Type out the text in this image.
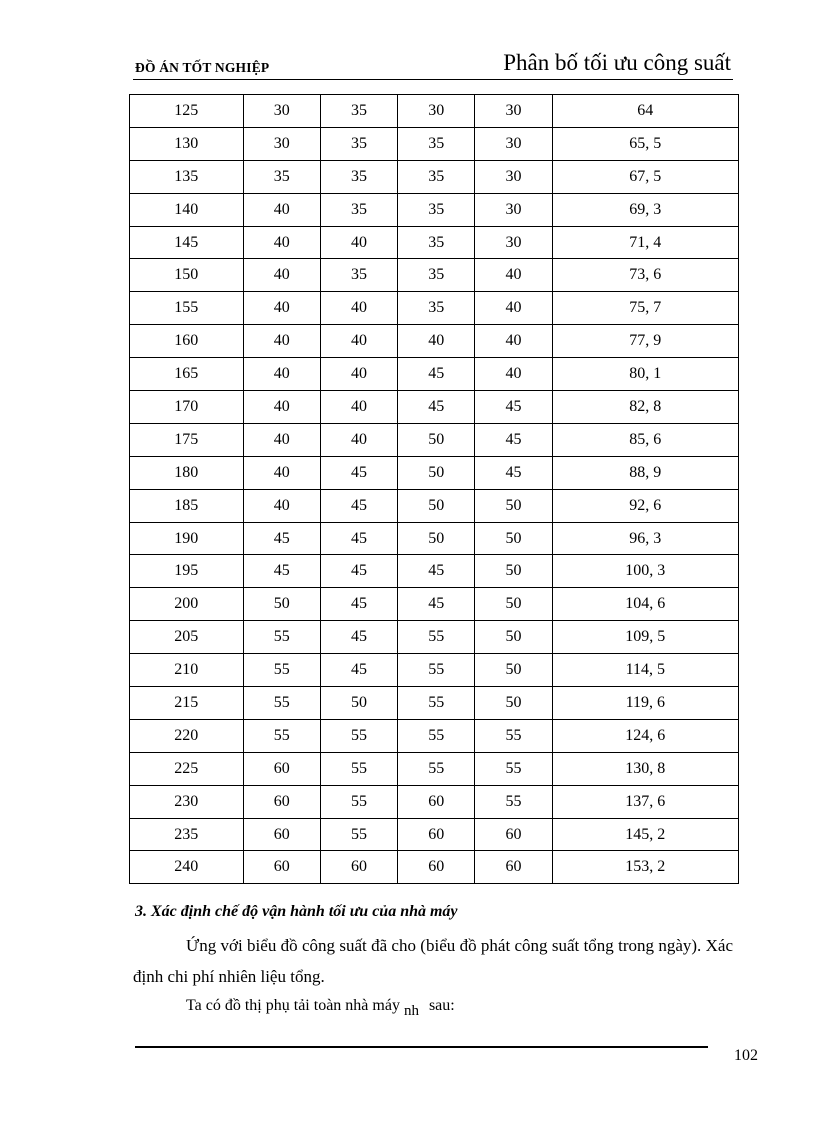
ĐỒ ÁN TỐT NGHIỆP	Phân bố tối ưu công suất
125	30	35	30	30	64
130	30	35	35	30	65, 5
135	35	35	35	30	67, 5
140	40	35	35	30	69, 3
145	40	40	35	30	71, 4
150	40	35	35	40	73, 6
155	40	40	35	40	75, 7
160	40	40	40	40	77, 9
165	40	40	45	40	80, 1
170	40	40	45	45	82, 8
175	40	40	50	45	85, 6
180	40	45	50	45	88, 9
185	40	45	50	50	92, 6
190	45	45	50	50	96, 3
195	45	45	45	50	100, 3
200	50	45	45	50	104, 6
205	55	45	55	50	109, 5
210	55	45	55	50	114, 5
215	55	50	55	50	119, 6
220	55	55	55	55	124, 6
225	60	55	55	55	130, 8
230	60	55	60	55	137, 6
235	60	55	60	60	145, 2
240	60	60	60	60	153, 2
3. Xác định chế độ vận hành tối ưu của nhà máy
Ứng với biểu đồ công suất đã cho (biểu đồ phát công suất tổng trong ngày). Xác định chi phí nhiên liệu tổng.
Ta có đồ thị phụ tải toàn nhà máy nh sau:
102
